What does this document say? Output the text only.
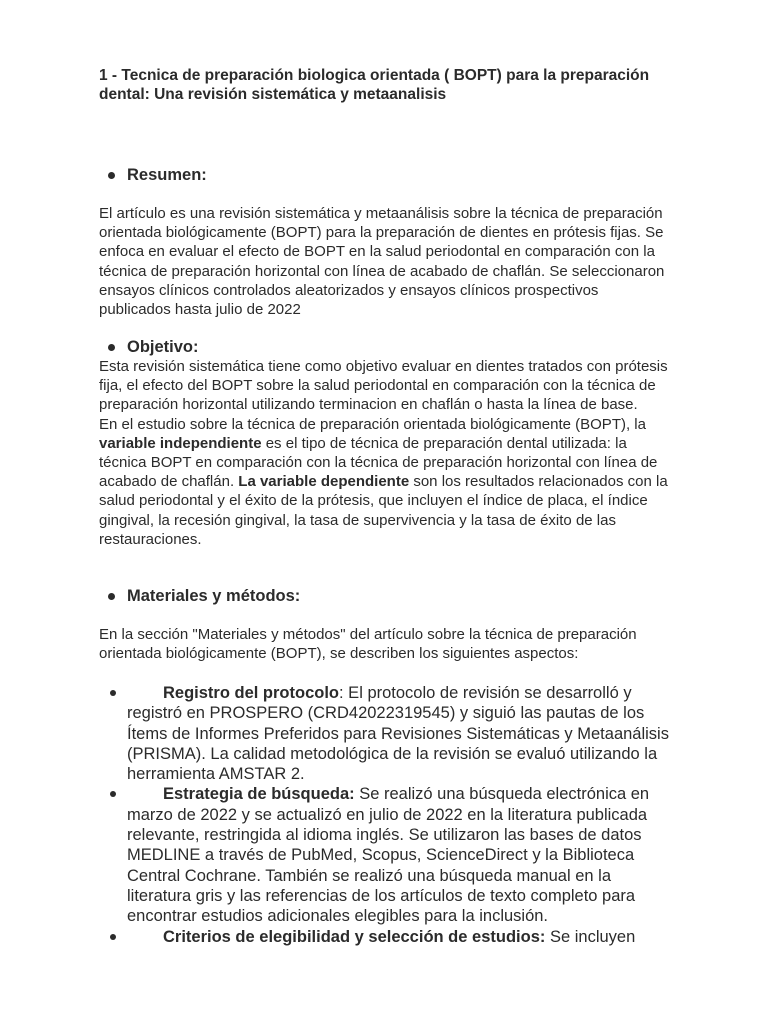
1 - Tecnica de preparación biologica orientada ( BOPT) para la preparación dental: Una revisión sistemática y metaanalisis
Resumen:

El artículo es una revisión sistemática y metaanálisis sobre la técnica de preparación orientada biológicamente (BOPT) para la preparación de dientes en prótesis fijas. Se enfoca en evaluar el efecto de BOPT en la salud periodontal en comparación con la técnica de preparación horizontal con línea de acabado de chaflán. Se seleccionaron ensayos clínicos controlados aleatorizados y ensayos clínicos prospectivos publicados hasta julio de 2022

Objetivo:
Esta revisión sistemática tiene como objetivo evaluar en dientes tratados con prótesis fija, el efecto del BOPT sobre la salud periodontal en comparación con la técnica de preparación horizontal utilizando terminacion en chaflán o hasta la línea de base.
En el estudio sobre la técnica de preparación orientada biológicamente (BOPT), la variable independiente es el tipo de técnica de preparación dental utilizada: la técnica BOPT en comparación con la técnica de preparación horizontal con línea de acabado de chaflán. La variable dependiente son los resultados relacionados con la salud periodontal y el éxito de la prótesis, que incluyen el índice de placa, el índice gingival, la recesión gingival, la tasa de supervivencia y la tasa de éxito de las restauraciones.
Materiales y métodos:

En la sección "Materiales y métodos" del artículo sobre la técnica de preparación orientada biológicamente (BOPT), se describen los siguientes aspectos:

Registro del protocolo: El protocolo de revisión se desarrolló y registró en PROSPERO (CRD42022319545) y siguió las pautas de los Ítems de Informes Preferidos para Revisiones Sistemáticas y Metaanálisis (PRISMA). La calidad metodológica de la revisión se evaluó utilizando la herramienta AMSTAR 2.
Estrategia de búsqueda: Se realizó una búsqueda electrónica en marzo de 2022 y se actualizó en julio de 2022 en la literatura publicada relevante, restringida al idioma inglés. Se utilizaron las bases de datos MEDLINE a través de PubMed, Scopus, ScienceDirect y la Biblioteca Central Cochrane. También se realizó una búsqueda manual en la literatura gris y las referencias de los artículos de texto completo para encontrar estudios adicionales elegibles para la inclusión.
Criterios de elegibilidad y selección de estudios: Se incluyen
